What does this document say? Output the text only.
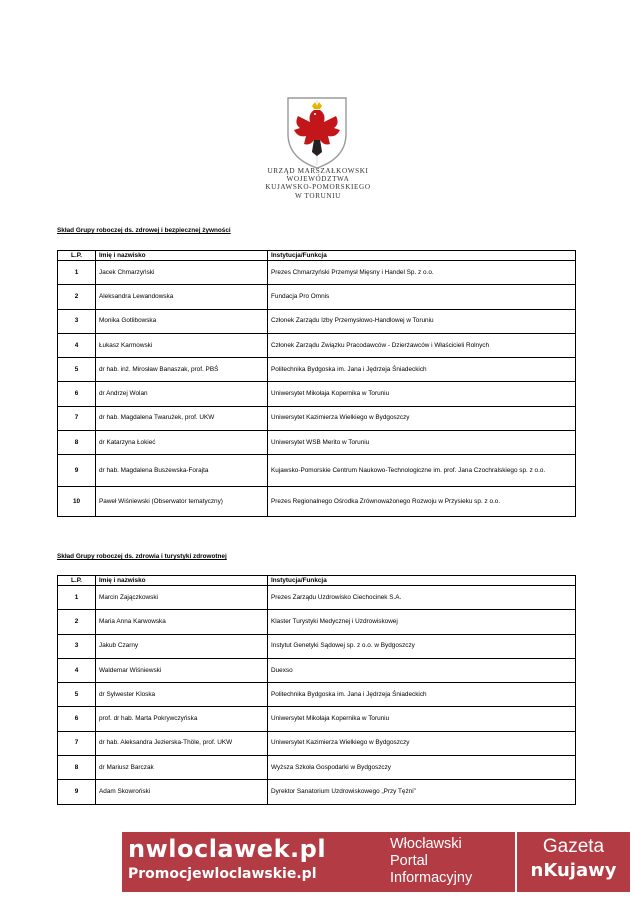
URZĄD MARSZAŁKOWSKI
WOJEWÓDZTWA
KUJAWSKO-POMORSKIEGO
W TORUNIU
Skład Grupy roboczej ds. zdrowej i bezpiecznej żywności
L.P.	Imię i nazwisko	Instytucja/Funkcja
1	Jacek Chmarzyński	Prezes Chmarzyński Przemysł Mięsny i Handel Sp. z o.o.
2	Aleksandra Lewandowska	Fundacja Pro Omnis
3	Monika Gotlibowska	Członek Zarządu Izby Przemysłowo-Handlowej w Toruniu
4	Łukasz Karmowski	Członek Zarządu Związku Pracodawców - Dzierżawców i Właścicieli Rolnych
5	dr hab. inż. Mirosław Banaszak, prof. PBŚ	Politechnika Bydgoska im. Jana i Jędrzeja Śniadeckich
6	dr Andrzej Wolan	Uniwersytet Mikołaja Kopernika w Toruniu
7	dr hab. Magdalena Twarużek, prof. UKW	Uniwersytet Kazimierza Wielkiego w Bydgoszczy
8	dr Katarzyna Łokieć	Uniwersytet WSB Merito w Toruniu
9	dr hab. Magdalena Buszewska-Forajta	Kujawsko-Pomorskie Centrum Naukowo-Technologiczne im. prof. Jana Czochralskiego sp. z o.o.
10	Paweł Wiśniewski (Obserwator tematyczny)	Prezes Regionalnego Ośrodka Zrównoważonego Rozwoju w Przysieku sp. z o.o.
Skład Grupy roboczej ds. zdrowia i turystyki zdrowotnej
L.P.	Imię i nazwisko	Instytucja/Funkcja
1	Marcin Zajączkowski	Prezes Zarządu Uzdrowisko Ciechocinek S.A.
2	Maria Anna Karwowska	Klaster Turystyki Medycznej i Uzdrowiskowej
3	Jakub Czarny	Instytut Genetyki Sądowej sp. z o.o. w Bydgoszczy
4	Waldemar Wiśniewski	Duexso
5	dr Sylwester Kloska	Politechnika Bydgoska im. Jana i Jędrzeja Śniadeckich
6	prof. dr hab. Marta Pokrywczyńska	Uniwersytet Mikołaja Kopernika w Toruniu
7	dr hab. Aleksandra Jezierska-Thöle, prof. UKW	Uniwersytet Kazimierza Wielkiego w Bydgoszczy
8	dr Mariusz Barczak	Wyższa Szkoła Gospodarki w Bydgoszczy
9	Adam Skowroński	Dyrektor Sanatorium Uzdrowiskowego „Przy Tężni”
nwloclawek.pl
Promocjewloclawskie.pl
Włocławski
Portal
Informacyjny
Gazeta
nKujawy
